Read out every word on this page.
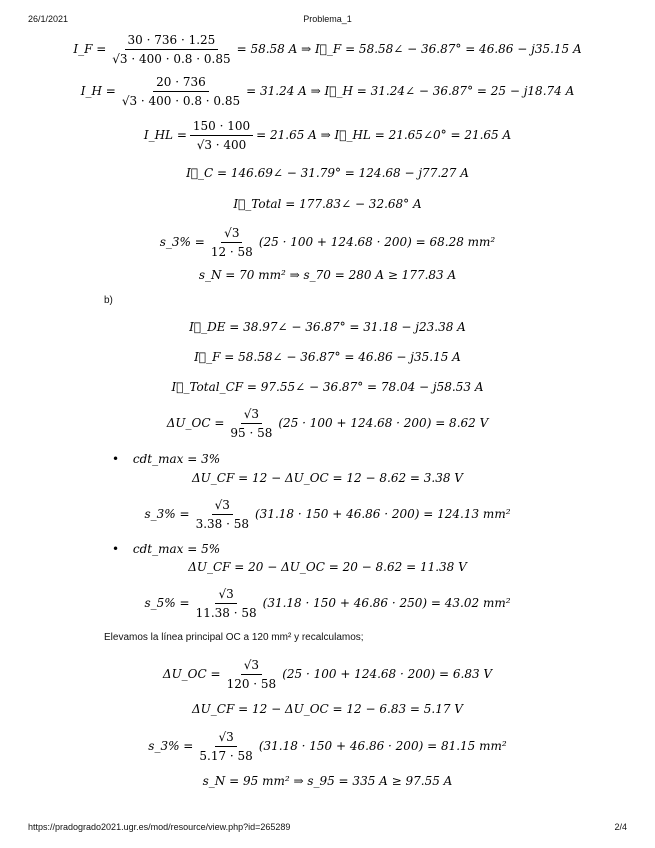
26/1/2021	Problema_1
I_F = $\frac{30 \cdot 736 \cdot 1.25}{√3 \cdot 400 \cdot 0.8 \cdot 0.85} = 58.58$ A ⇒ I⃗_F = 58.58∠ − 36.87° = 46.86 − j35.15 A
I_H = $\frac{20 \cdot 736}{√3 \cdot 400 \cdot 0.8 \cdot 0.85} = 31.24$ A ⇒ I⃗_H = 31.24∠ − 36.87° = 25 − j18.74 A
I_HL = $\frac{150 \cdot 100}{√3 \cdot 400} = 21.65$ A ⇒ I⃗_HL = 21.65∠0° = 21.65 A
I⃗_C = 146.69∠ − 31.79° = 124.68 − j77.27 A
I⃗_Total = 177.83∠ − 32.68° A
s_3% = $\frac{√3}{12 \cdot 58} (25 \cdot 100 + 124.68 \cdot 200) = 68.28$ mm²
s_N = 70 mm² ⇒ s_70 = 280 A ≥ 177.83 A
b)
I⃗_DE = 38.97∠ − 36.87° = 31.18 − j23.38 A
I⃗_F = 58.58∠ − 36.87° = 46.86 − j35.15 A
I⃗_Total_CF = 97.55∠ − 36.87° = 78.04 − j58.53 A
ΔU_OC = $\frac{√3}{95 \cdot 58} (25 \cdot 100 + 124.68 \cdot 200) = 8.62$ V
• cdt_max = 3%
ΔU_CF = 12 − ΔU_OC = 12 − 8.62 = 3.38 V
s_3% = $\frac{√3}{3.38 \cdot 58} (31.18 \cdot 150 + 46.86 \cdot 200) = 124.13$ mm²
• cdt_max = 5%
ΔU_CF = 20 − ΔU_OC = 20 − 8.62 = 11.38 V
s_5% = $\frac{√3}{11.38 \cdot 58} (31.18 \cdot 150 + 46.86 \cdot 250) = 43.02$ mm²
Elevamos la línea principal OC a 120 mm² y recalculamos;
ΔU_OC = $\frac{√3}{120 \cdot 58} (25 \cdot 100 + 124.68 \cdot 200) = 6.83$ V
ΔU_CF = 12 − ΔU_OC = 12 − 6.83 = 5.17 V
s_3% = $\frac{√3}{5.17 \cdot 58} (31.18 \cdot 150 + 46.86 \cdot 200) = 81.15$ mm²
s_N = 95 mm² ⇒ s_95 = 335 A ≥ 97.55 A
https://pradogrado2021.ugr.es/mod/resource/view.php?id=265289	2/4
